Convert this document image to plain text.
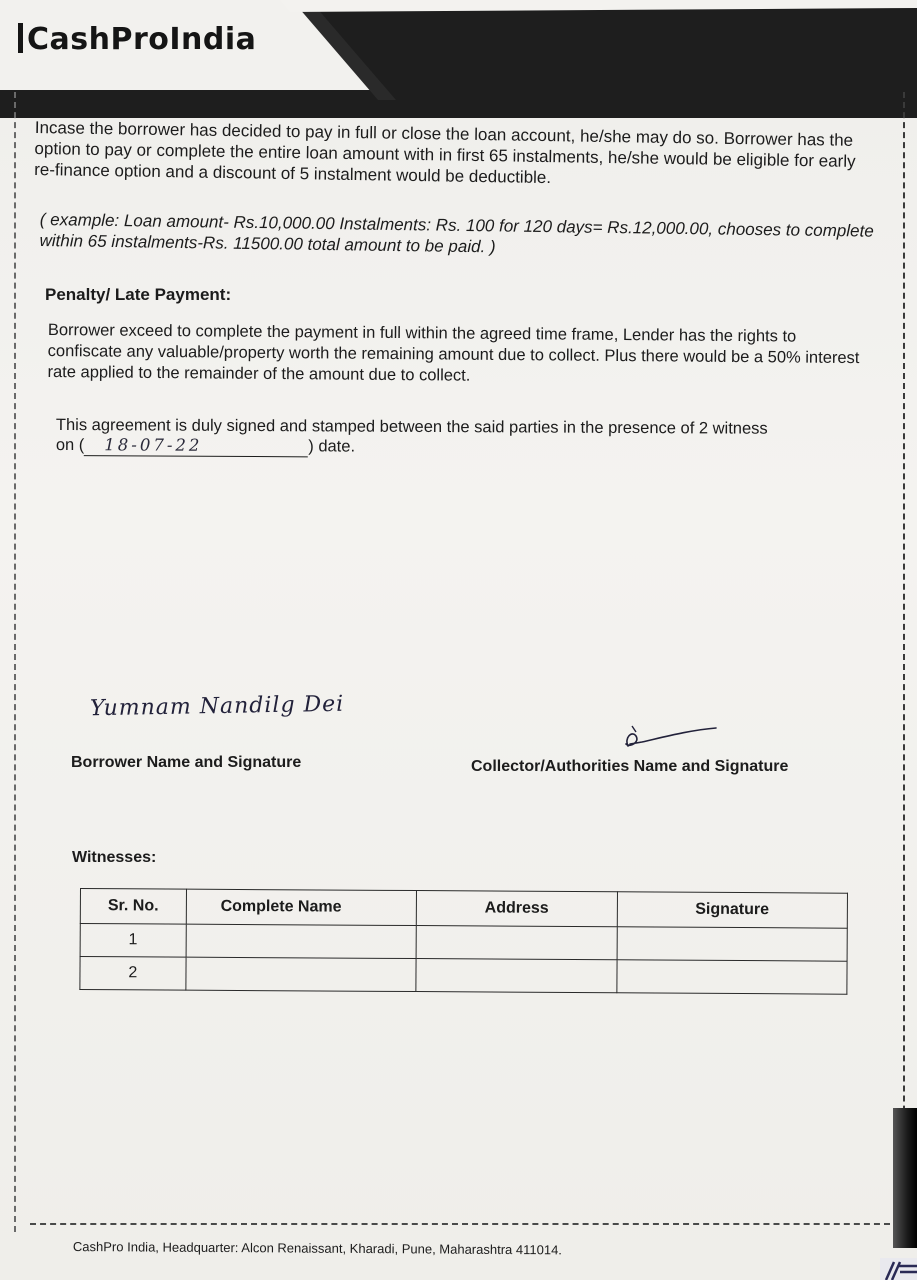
CashProIndia

Incase the borrower has decided to pay in full or close the loan account, he/she may do so. Borrower has the option to pay or complete the entire loan amount with in first 65 instalments, he/she would be eligible for early re-finance option and a discount of 5 instalment would be deductible.

( example: Loan amount- Rs.10,000.00 Instalments: Rs. 100 for 120 days= Rs.12,000.00, chooses to complete within 65 instalments-Rs. 11500.00 total amount to be paid. )

Penalty/ Late Payment:

Borrower exceed to complete the payment in full within the agreed time frame, Lender has the rights to confiscate any valuable/property worth the remaining amount due to collect. Plus there would be a 50% interest rate applied to the remainder of the amount due to collect.

This agreement is duly signed and stamped between the said parties in the presence of 2 witness
on ( 18-07-22	) date.
Yumnam Nandilg Dei
Borrower Name and Signature	Collector/Authorities Name and Signature
Witnesses:
Sr. No.	Complete Name	Address	Signature
1			
2			
CashPro India, Headquarter: Alcon Renaissant, Kharadi, Pune, Maharashtra 411014.
